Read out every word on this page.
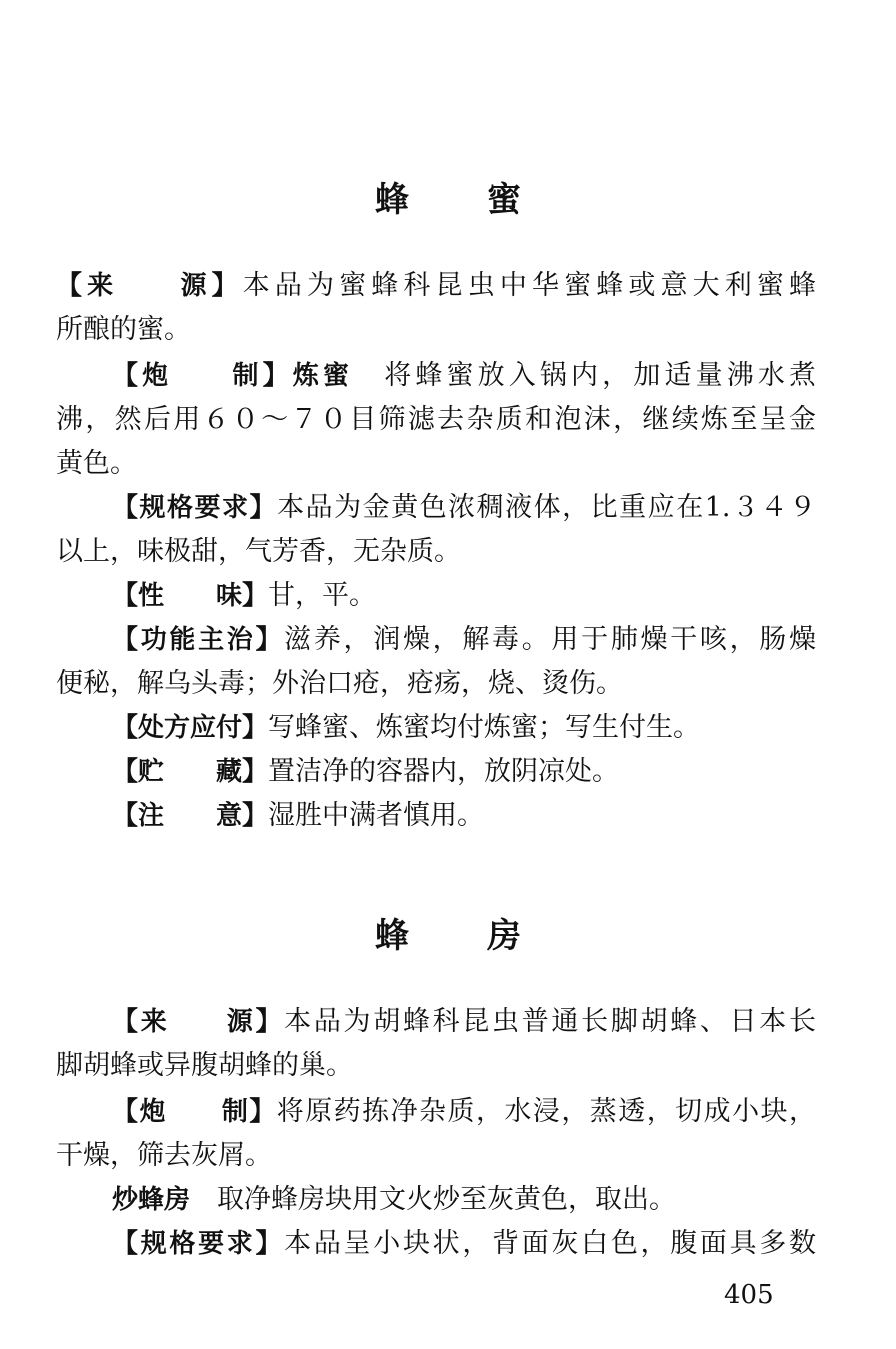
蜂 蜜

【来　　源】本品为蜜蜂科昆虫中华蜜蜂或意大利蜜蜂

所酿的蜜。

【炮　　制】炼蜜　 将蜂蜜放入锅内，加适量沸水煮

沸，然后用６０～７０目筛滤去杂质和泡沫，继续炼至呈金

黄色。

【规格要求】本品为金黄色浓稠液体，比重应在1.３４９

以上，味极甜，气芳香，无杂质。

【性　　味】甘，平。

【功能主治】滋养，润燥，解毒。用于肺燥干咳，肠燥

便秘，解乌头毒；外治口疮，疮疡，烧、烫伤。

【处方应付】写蜂蜜、炼蜜均付炼蜜；写生付生。

【贮　　藏】置洁净的容器内，放阴凉处。

【注　　意】湿胜中满者慎用。

蜂 房

【来　　源】本品为胡蜂科昆虫普通长脚胡蜂、日本长

脚胡蜂或异腹胡蜂的巢。

【炮　　制】将原药拣净杂质，水浸，蒸透，切成小块，

干燥，筛去灰屑。

炒蜂房　 取净蜂房块用文火炒至灰黄色，取出。

【规格要求】本品呈小块状，背面灰白色，腹面具多数

405
